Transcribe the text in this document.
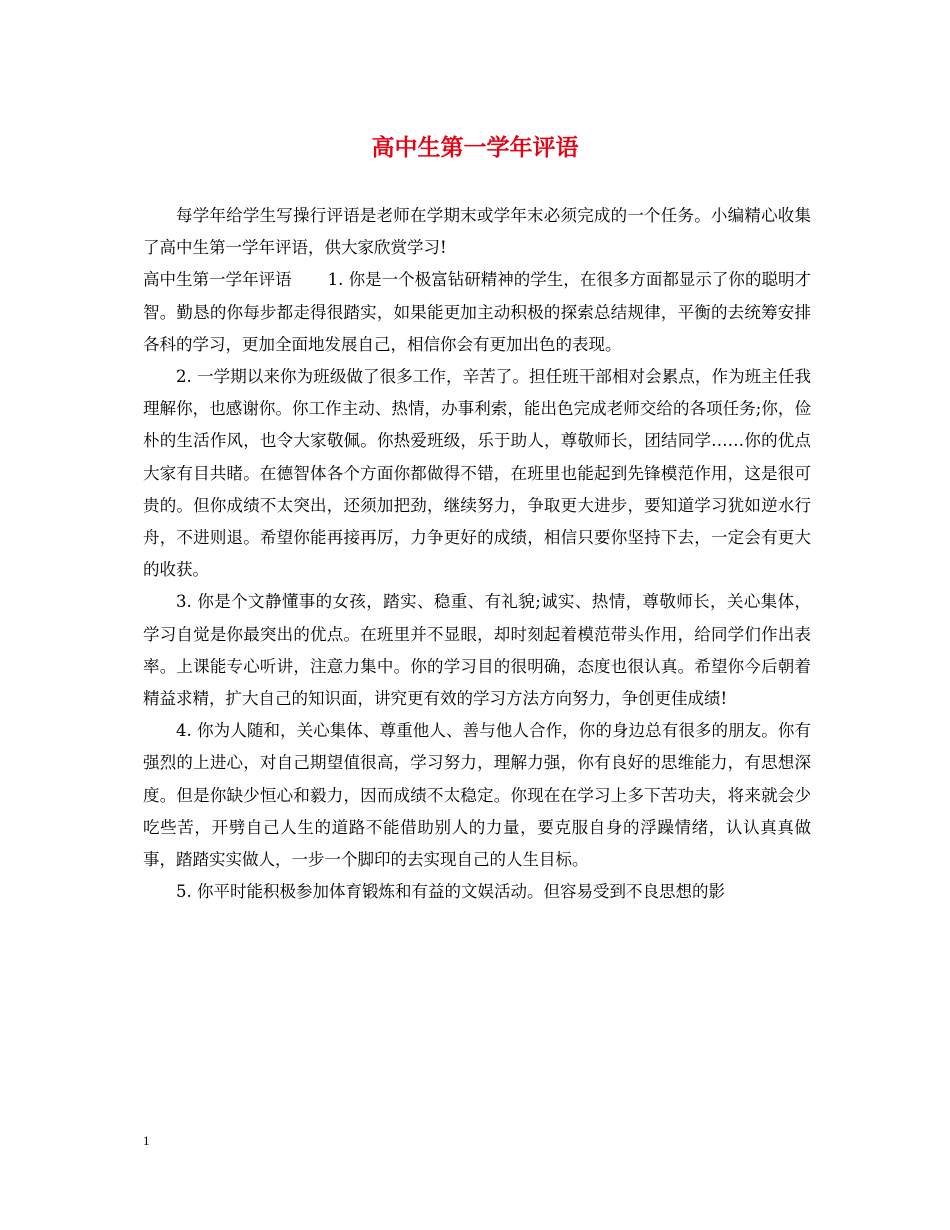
高中生第一学年评语

每学年给学生写操行评语是老师在学期末或学年末必须完成的一个任务。小编精心收集了高中生第一学年评语，供大家欣赏学习!

高中生第一学年评语 1. 你是一个极富钻研精神的学生，在很多方面都显示了你的聪明才智。勤恳的你每步都走得很踏实，如果能更加主动积极的探索总结规律，平衡的去统筹安排各科的学习，更加全面地发展自己，相信你会有更加出色的表现。

2. 一学期以来你为班级做了很多工作，辛苦了。担任班干部相对会累点，作为班主任我理解你，也感谢你。你工作主动、热情，办事利索，能出色完成老师交给的各项任务;你，俭朴的生活作风，也令大家敬佩。你热爱班级，乐于助人，尊敬师长，团结同学……你的优点大家有目共睹。在德智体各个方面你都做得不错，在班里也能起到先锋模范作用，这是很可贵的。但你成绩不太突出，还须加把劲，继续努力，争取更大进步，要知道学习犹如逆水行舟，不进则退。希望你能再接再厉，力争更好的成绩，相信只要你坚持下去，一定会有更大的收获。

3. 你是个文静懂事的女孩，踏实、稳重、有礼貌;诚实、热情，尊敬师长，关心集体，学习自觉是你最突出的优点。在班里并不显眼，却时刻起着模范带头作用，给同学们作出表率。上课能专心听讲，注意力集中。你的学习目的很明确，态度也很认真。希望你今后朝着精益求精，扩大自己的知识面，讲究更有效的学习方法方向努力，争创更佳成绩!

4. 你为人随和，关心集体、尊重他人、善与他人合作，你的身边总有很多的朋友。你有强烈的上进心，对自己期望值很高，学习努力，理解力强，你有良好的思维能力，有思想深度。但是你缺少恒心和毅力，因而成绩不太稳定。你现在在学习上多下苦功夫，将来就会少吃些苦，开劈自己人生的道路不能借助别人的力量，要克服自身的浮躁情绪，认认真真做事，踏踏实实做人，一步一个脚印的去实现自己的人生目标。

5. 你平时能积极参加体育锻炼和有益的文娱活动。但容易受到不良思想的影

1
